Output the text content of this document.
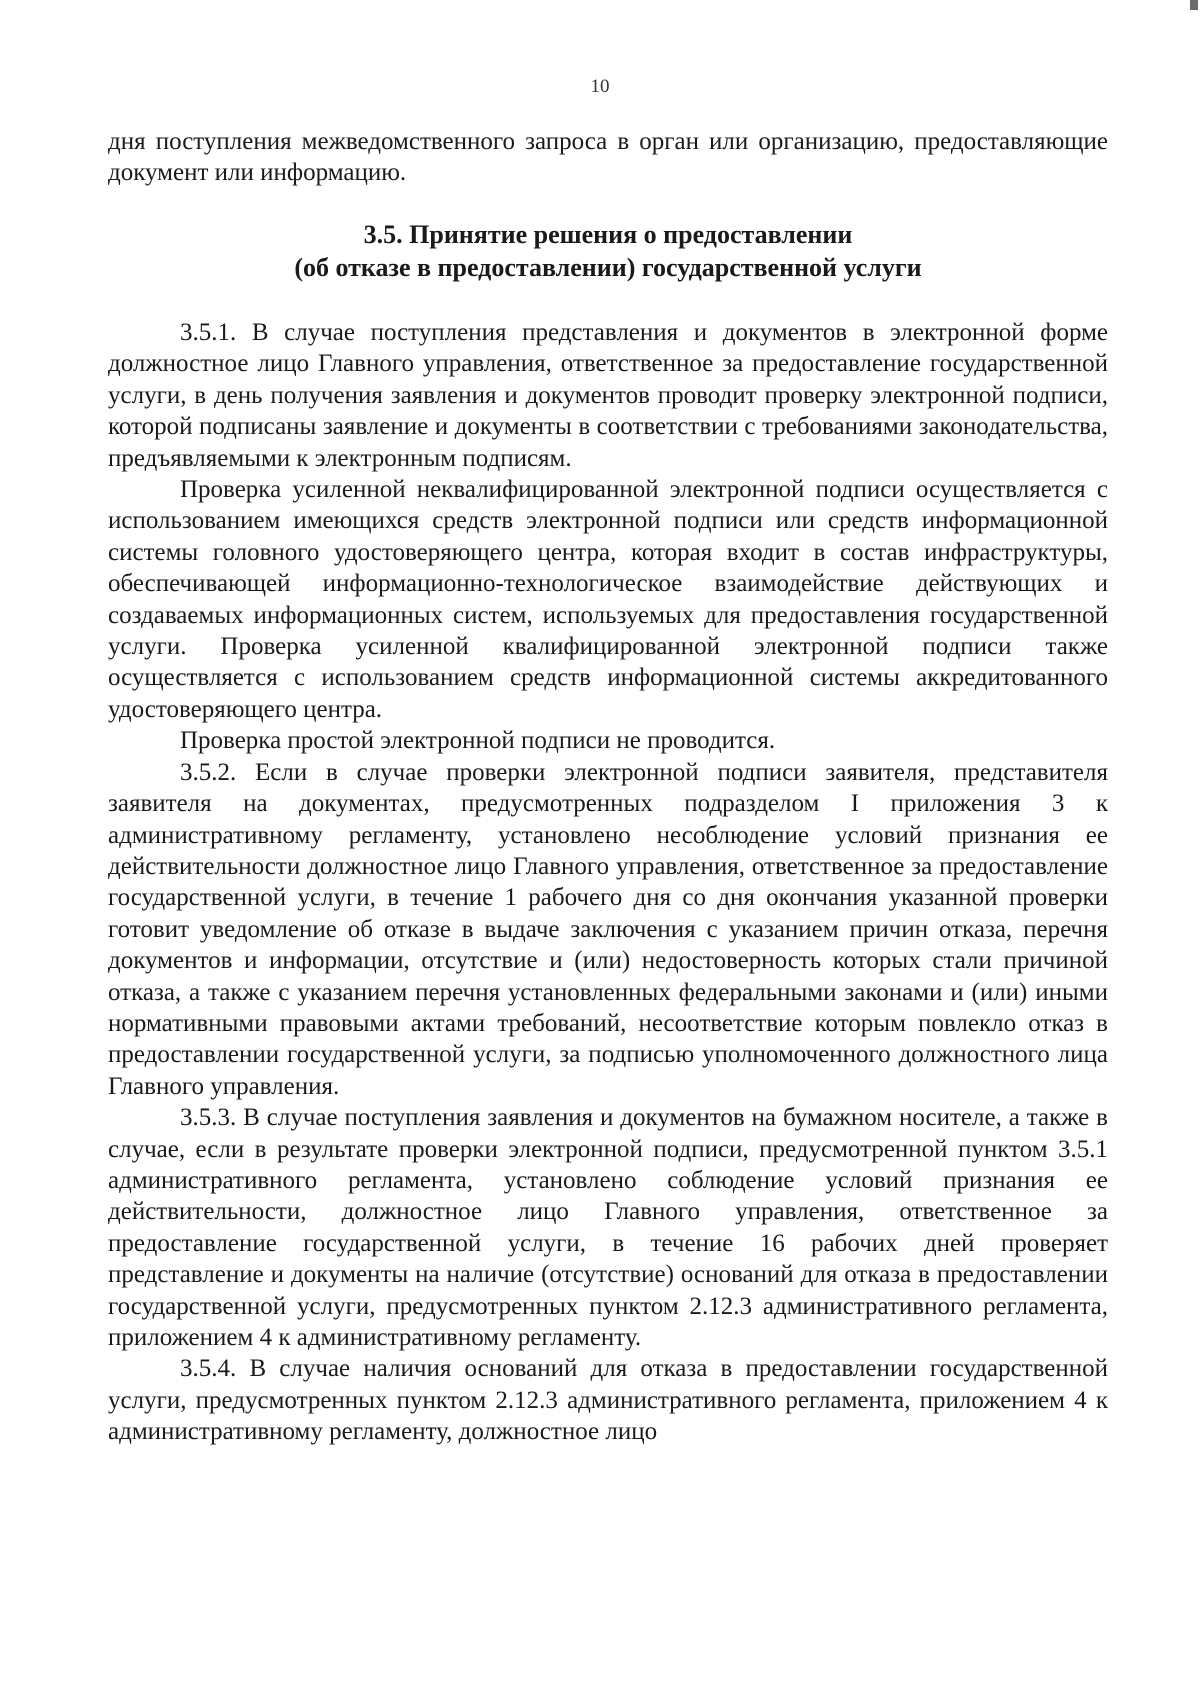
10

дня поступления межведомственного запроса в орган или организацию, предоставляющие документ или информацию.

3.5. Принятие решения о предоставлении
(об отказе в предоставлении) государственной услуги

3.5.1. В случае поступления представления и документов в электронной форме должностное лицо Главного управления, ответственное за предоставление государственной услуги, в день получения заявления и документов проводит проверку электронной подписи, которой подписаны заявление и документы в соответствии с требованиями законодательства, предъявляемыми к электронным подписям.

Проверка усиленной неквалифицированной электронной подписи осуществляется с использованием имеющихся средств электронной подписи или средств информационной системы головного удостоверяющего центра, которая входит в состав инфраструктуры, обеспечивающей информационно-технологическое взаимодействие действующих и создаваемых информационных систем, используемых для предоставления государственной услуги. Проверка усиленной квалифицированной электронной подписи также осуществляется с использованием средств информационной системы аккредитованного удостоверяющего центра.

Проверка простой электронной подписи не проводится.

3.5.2. Если в случае проверки электронной подписи заявителя, представителя заявителя на документах, предусмотренных подразделом I приложения 3 к административному регламенту, установлено несоблюдение условий признания ее действительности должностное лицо Главного управления, ответственное за предоставление государственной услуги, в течение 1 рабочего дня со дня окончания указанной проверки готовит уведомление об отказе в выдаче заключения с указанием причин отказа, перечня документов и информации, отсутствие и (или) недостоверность которых стали причиной отказа, а также с указанием перечня установленных федеральными законами и (или) иными нормативными правовыми актами требований, несоответствие которым повлекло отказ в предоставлении государственной услуги, за подписью уполномоченного должностного лица Главного управления.

3.5.3. В случае поступления заявления и документов на бумажном носителе, а также в случае, если в результате проверки электронной подписи, предусмотренной пунктом 3.5.1 административного регламента, установлено соблюдение условий признания ее действительности, должностное лицо Главного управления, ответственное за предоставление государственной услуги, в течение 16 рабочих дней проверяет представление и документы на наличие (отсутствие) оснований для отказа в предоставлении государственной услуги, предусмотренных пунктом 2.12.3 административного регламента, приложением 4 к административному регламенту.

3.5.4. В случае наличия оснований для отказа в предоставлении государственной услуги, предусмотренных пунктом 2.12.3 административного регламента, приложением 4 к административному регламенту, должностное лицо
